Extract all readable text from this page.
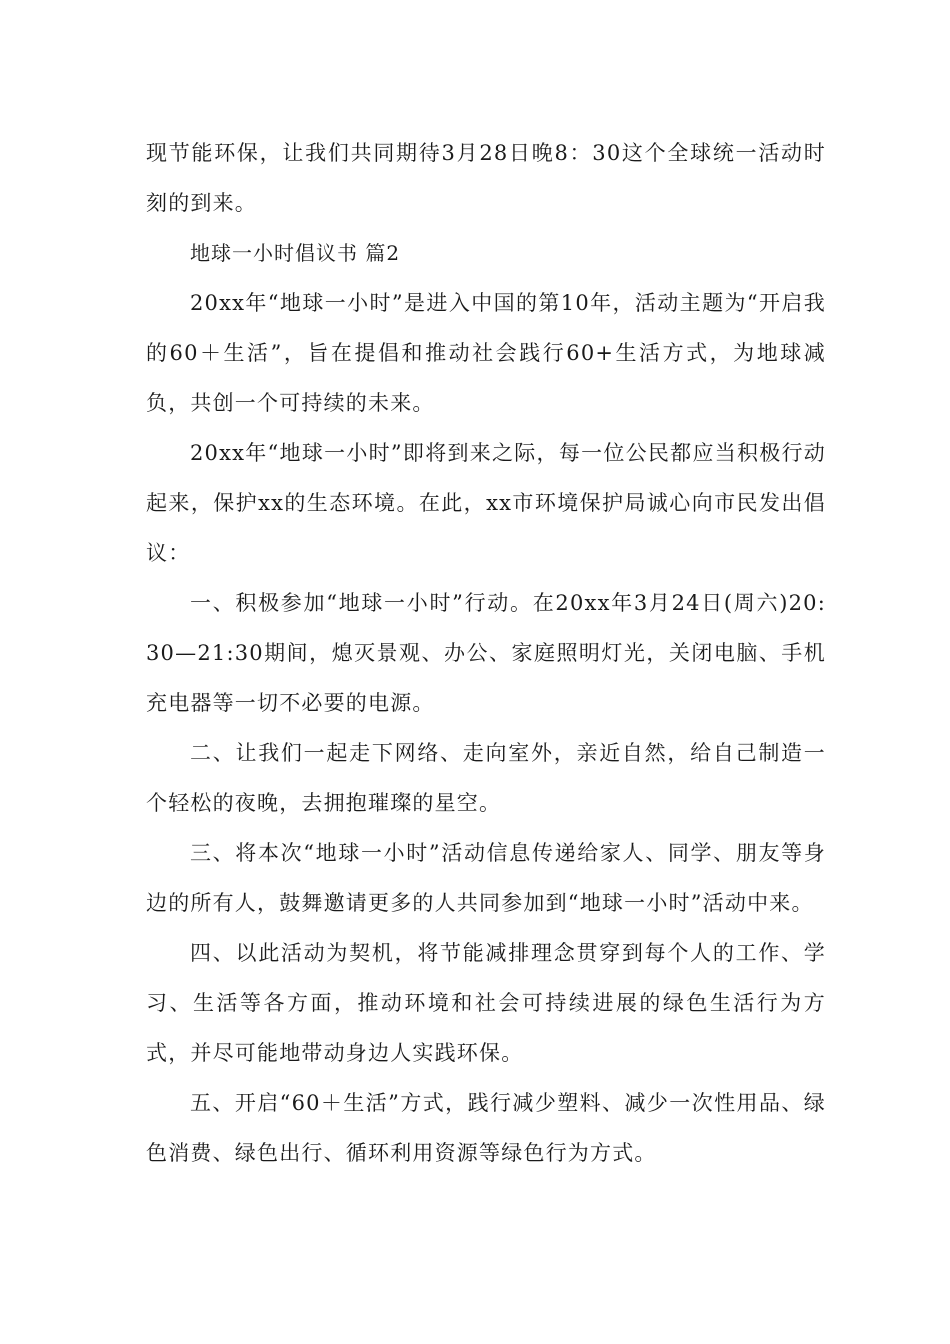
现节能环保，让我们共同期待3月28日晚8：30这个全球统一活动时刻的到来。

地球一小时倡议书 篇2

20xx年“地球一小时”是进入中国的第10年，活动主题为“开启我的60＋生活”，旨在提倡和推动社会践行60+生活方式，为地球减负，共创一个可持续的未来。

20xx年“地球一小时”即将到来之际，每一位公民都应当积极行动起来，保护xx的生态环境。在此，xx市环境保护局诚心向市民发出倡议：

一、积极参加“地球一小时”行动。在20xx年3月24日(周六)20:30—21:30期间，熄灭景观、办公、家庭照明灯光，关闭电脑、手机充电器等一切不必要的电源。

二、让我们一起走下网络、走向室外，亲近自然，给自己制造一个轻松的夜晚，去拥抱璀璨的星空。

三、将本次“地球一小时”活动信息传递给家人、同学、朋友等身边的所有人，鼓舞邀请更多的人共同参加到“地球一小时”活动中来。

四、以此活动为契机，将节能减排理念贯穿到每个人的工作、学习、生活等各方面，推动环境和社会可持续进展的绿色生活行为方式，并尽可能地带动身边人实践环保。

五、开启“60＋生活”方式，践行减少塑料、减少一次性用品、绿色消费、绿色出行、循环利用资源等绿色行为方式。
